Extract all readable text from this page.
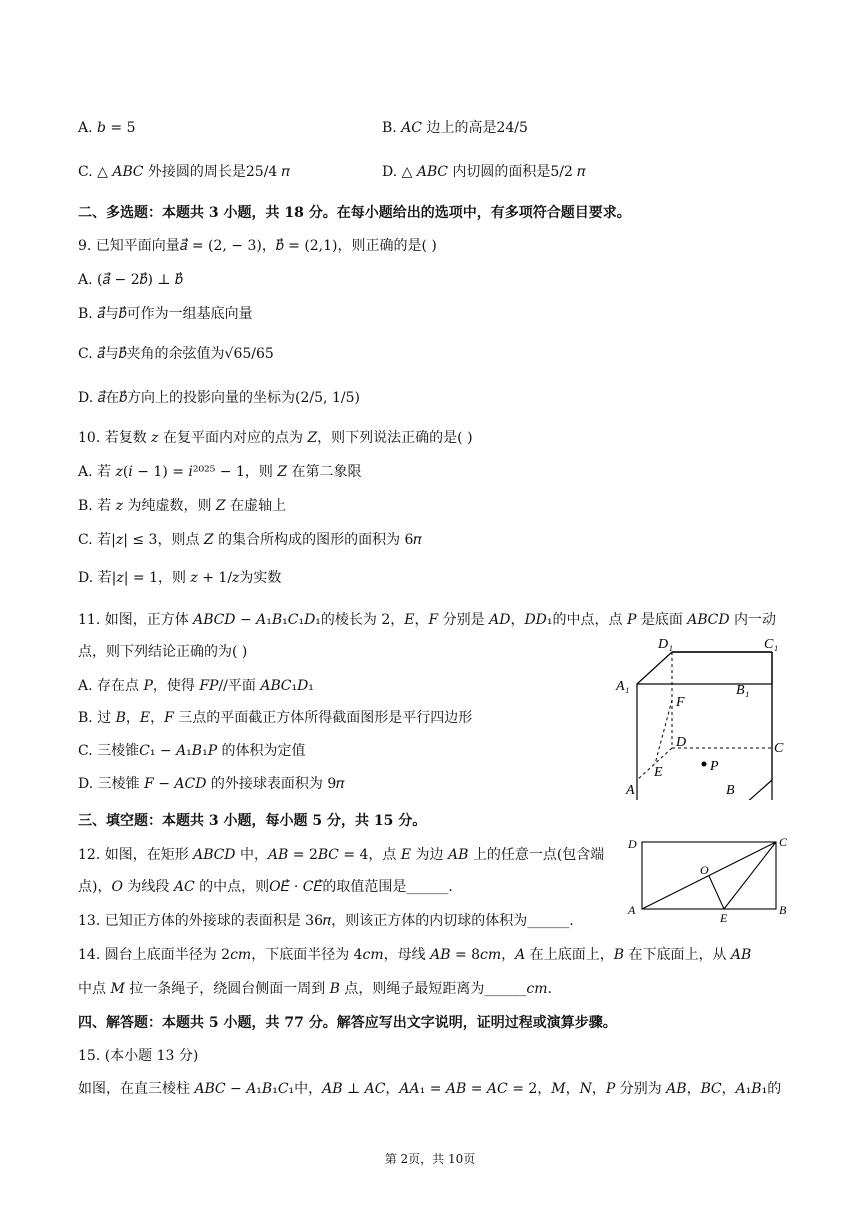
A. 𝑏 = 5	B. 𝐴𝐶 边上的高是24/5
C. △ 𝐴𝐵𝐶 外接圆的周长是25/4 𝜋	D. △ 𝐴𝐵𝐶 内切圆的面积是5/2 𝜋
二、多选题：本题共 3 小题，共 18 分。在每小题给出的选项中，有多项符合题目要求。
9. 已知平面向量𝑎⃗ = (2, − 3)，𝑏⃗ = (2,1)，则正确的是( )
A. (𝑎⃗ − 2𝑏⃗) ⊥ 𝑏⃗
B. 𝑎⃗与𝑏⃗可作为一组基底向量
C. 𝑎⃗与𝑏⃗夹角的余弦值为√65/65
D. 𝑎⃗在𝑏⃗方向上的投影向量的坐标为(2/5, 1/5)
10. 若复数 𝑧 在复平面内对应的点为 𝑍，则下列说法正确的是( )
A. 若 𝑧(𝑖 − 1) = 𝑖²⁰²⁵ − 1，则 𝑍 在第二象限
B. 若 𝑧 为纯虚数，则 𝑍 在虚轴上
C. 若|𝑧| ≤ 3，则点 𝑍 的集合所构成的图形的面积为 6𝜋
D. 若|𝑧| = 1，则 𝑧 + 1/𝑧为实数
11. 如图，正方体 𝐴𝐵𝐶𝐷 − 𝐴₁𝐵₁𝐶₁𝐷₁的棱长为 2，𝐸，𝐹 分别是 𝐴𝐷，𝐷𝐷₁的中点，点 𝑃 是底面 𝐴𝐵𝐶𝐷 内一动
点，则下列结论正确的为( )
A. 存在点 𝑃，使得 𝐹𝑃//平面 𝐴𝐵𝐶₁𝐷₁
B. 过 𝐵，𝐸，𝐹 三点的平面截正方体所得截面图形是平行四边形
C. 三棱锥𝐶₁ − 𝐴₁𝐵₁𝑃 的体积为定值
D. 三棱锥 𝐹 − 𝐴𝐶𝐷 的外接球表面积为 9𝜋
D₁	C₁
A₁	B₁
F
D	C
E	P
A	B
三、填空题：本题共 3 小题，每小题 5 分，共 15 分。
12. 如图，在矩形 𝐴𝐵𝐶𝐷 中，𝐴𝐵 = 2𝐵𝐶 = 4，点 𝐸 为边 𝐴𝐵 上的任意一点(包含端
点)，𝑂 为线段 𝐴𝐶 的中点，则𝑂𝐸⃗ · 𝐶𝐸⃗的取值范围是______.
D	C
O
A
E
B
13. 已知正方体的外接球的表面积是 36𝜋，则该正方体的内切球的体积为______.
14. 圆台上底面半径为 2𝑐𝑚，下底面半径为 4𝑐𝑚，母线 𝐴𝐵 = 8𝑐𝑚，𝐴 在上底面上，𝐵 在下底面上，从 𝐴𝐵
中点 𝑀 拉一条绳子，绕圆台侧面一周到 𝐵 点，则绳子最短距离为______𝑐𝑚.
四、解答题：本题共 5 小题，共 77 分。解答应写出文字说明，证明过程或演算步骤。
15. (本小题 13 分)
如图，在直三棱柱 𝐴𝐵𝐶 − 𝐴₁𝐵₁𝐶₁中，𝐴𝐵 ⊥ 𝐴𝐶，𝐴𝐴₁ = 𝐴𝐵 = 𝐴𝐶 = 2，𝑀，𝑁，𝑃 分别为 𝐴𝐵，𝐵𝐶，𝐴₁𝐵₁的
第 2页，共 10页
